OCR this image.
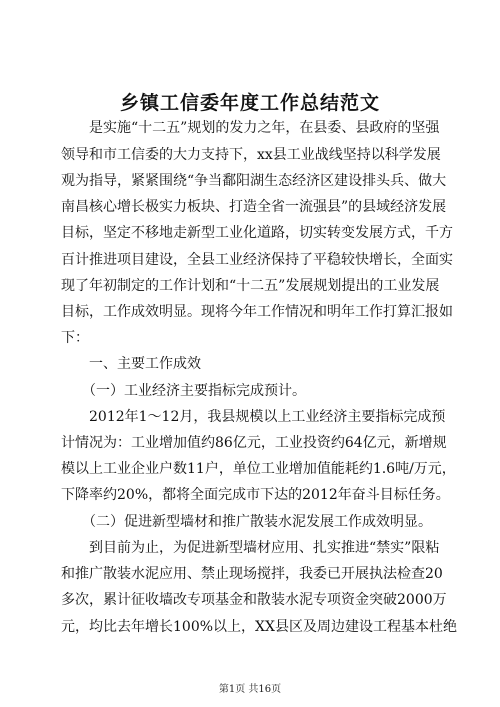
乡镇工信委年度工作总结范文
　　是实施“十二五”规划的发力之年，在县委、县政府的坚强
领导和市工信委的大力支持下，xx县工业战线坚持以科学发展
观为指导，紧紧围绕“争当鄱阳湖生态经济区建设排头兵、做大
南昌核心增长极实力板块、打造全省一流强县”的县域经济发展
目标，坚定不移地走新型工业化道路，切实转变发展方式，千方
百计推进项目建设，全县工业经济保持了平稳较快增长，全面实
现了年初制定的工作计划和“十二五”发展规划提出的工业发展
目标，工作成效明显。现将今年工作情况和明年工作打算汇报如
下：
　　一、主要工作成效
　　（一）工业经济主要指标完成预计。
　　2012年1～12月，我县规模以上工业经济主要指标完成预
计情况为：工业增加值约86亿元，工业投资约64亿元，新增规
模以上工业企业户数11户，单位工业增加值能耗约1.6吨/万元，
下降率约20%，都将全面完成市下达的2012年奋斗目标任务。
　　（二）促进新型墙材和推广散装水泥发展工作成效明显。
　　到目前为止，为促进新型墙材应用、扎实推进“禁实”限粘
和推广散装水泥应用、禁止现场搅拌，我委已开展执法检查20
多次，累计征收墙改专项基金和散装水泥专项资金突破2000万
元，均比去年增长100%以上，XX县区及周边建设工程基本杜绝
第1页 共16页
